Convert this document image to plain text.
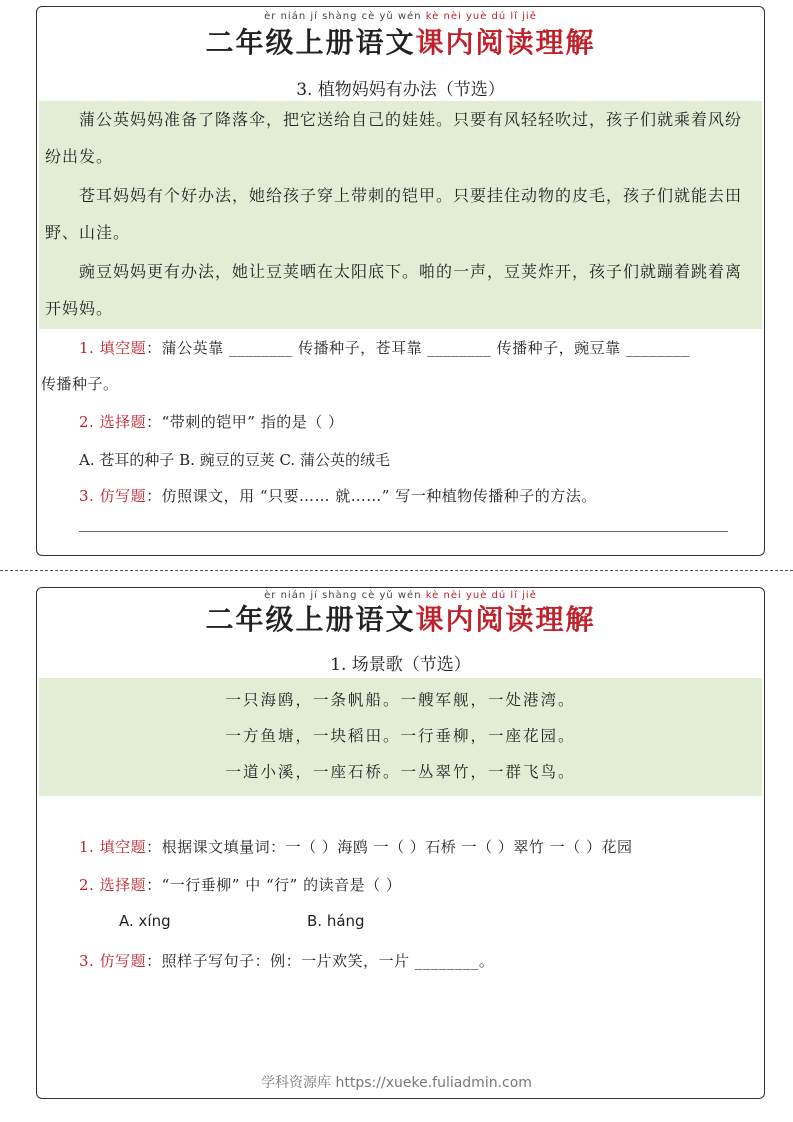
èr nián jí shàng cè yǔ wén kè nèi yuè dú lǐ jiě
二年级上册语文课内阅读理解
3. 植物妈妈有办法（节选）
蒲公英妈妈准备了降落伞，把它送给自己的娃娃。只要有风轻轻吹过，孩子们就乘着风纷纷出发。
苍耳妈妈有个好办法，她给孩子穿上带刺的铠甲。只要挂住动物的皮毛，孩子们就能去田野、山洼。
豌豆妈妈更有办法，她让豆荚晒在太阳底下。啪的一声，豆荚炸开，孩子们就蹦着跳着离开妈妈。
1. 填空题：蒲公英靠 ________ 传播种子，苍耳靠 ________ 传播种子，豌豆靠 ________
传播种子。
2. 选择题：“带刺的铠甲” 指的是（ ）
A. 苍耳的种子 B. 豌豆的豆荚 C. 蒲公英的绒毛
3. 仿写题：仿照课文，用 “只要…… 就……” 写一种植物传播种子的方法。
èr nián jí shàng cè yǔ wén kè nèi yuè dú lǐ jiě
二年级上册语文课内阅读理解
1. 场景歌（节选）
一只海鸥，一条帆船。一艘军舰，一处港湾。
一方鱼塘，一块稻田。一行垂柳，一座花园。
一道小溪，一座石桥。一丛翠竹，一群飞鸟。
1. 填空题：根据课文填量词：一（ ）海鸥 一（ ）石桥 一（ ）翠竹 一（ ）花园
2. 选择题：“一行垂柳” 中 “行” 的读音是（ ）
A. xíng	B. háng
3. 仿写题：照样子写句子：例：一片欢笑，一片 ________。
学科资源库 https://xueke.fuliadmin.com
